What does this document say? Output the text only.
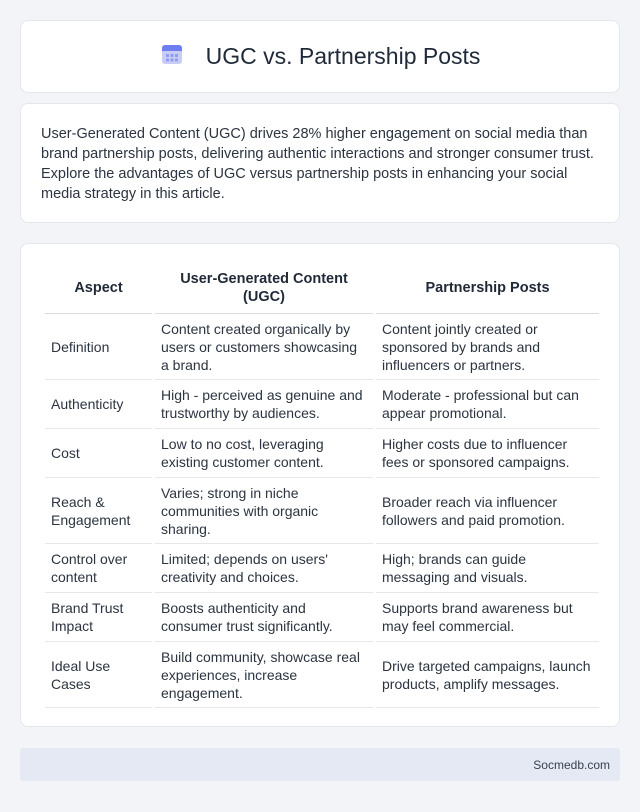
UGC vs. Partnership Posts

User-Generated Content (UGC) drives 28% higher engagement on social media than brand partnership posts, delivering authentic interactions and stronger consumer trust. Explore the advantages of UGC versus partnership posts in enhancing your social media strategy in this article.

Aspect	User-Generated Content (UGC)	Partnership Posts
Definition	Content created organically by users or customers showcasing a brand.	Content jointly created or sponsored by brands and influencers or partners.
Authenticity	High - perceived as genuine and trustworthy by audiences.	Moderate - professional but can appear promotional.
Cost	Low to no cost, leveraging existing customer content.	Higher costs due to influencer fees or sponsored campaigns.
Reach & Engagement	Varies; strong in niche communities with organic sharing.	Broader reach via influencer followers and paid promotion.
Control over content	Limited; depends on users' creativity and choices.	High; brands can guide messaging and visuals.
Brand Trust Impact	Boosts authenticity and consumer trust significantly.	Supports brand awareness but may feel commercial.
Ideal Use Cases	Build community, showcase real experiences, increase engagement.	Drive targeted campaigns, launch products, amplify messages.
Socmedb.com
